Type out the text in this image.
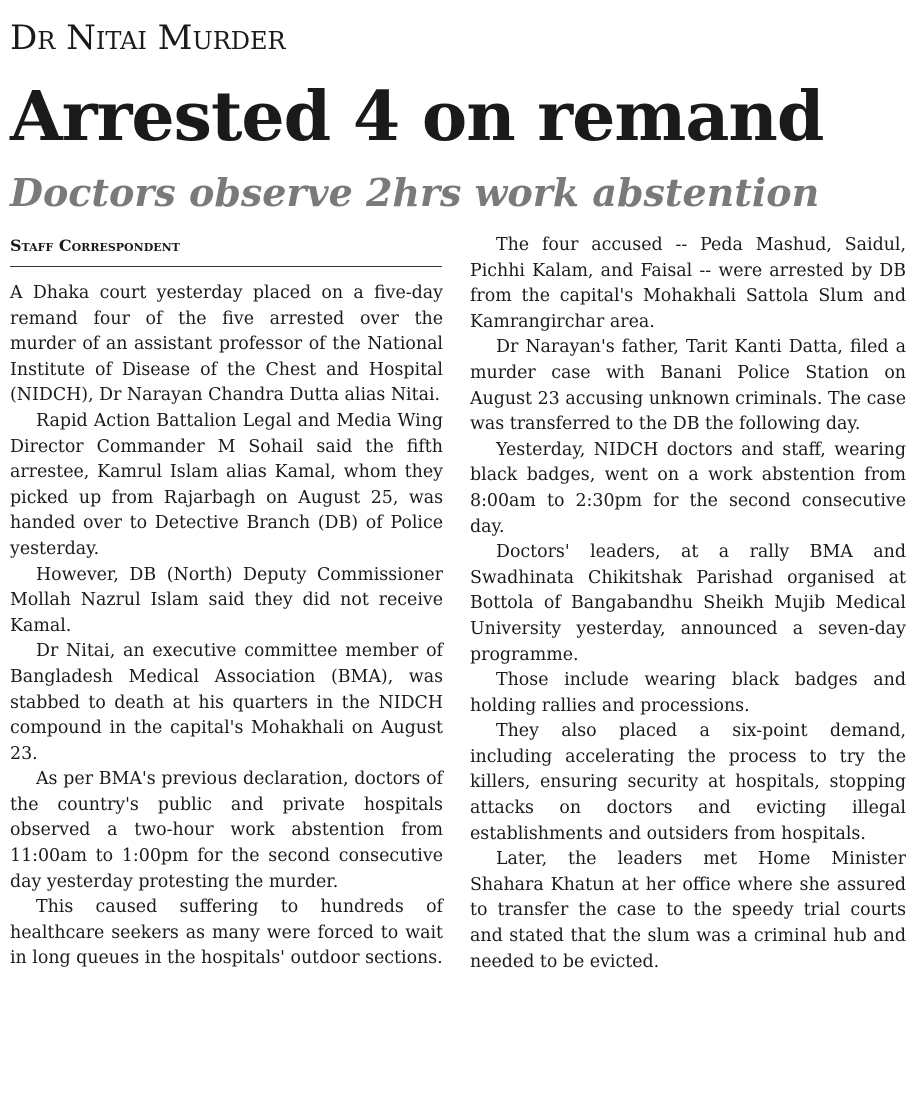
Dr Nitai Murder
Arrested 4 on remand
Doctors observe 2hrs work abstention
Staff Correspondent

A Dhaka court yesterday placed on a five-day remand four of the five arrested over the murder of an assistant professor of the National Institute of Disease of the Chest and Hospital (NIDCH), Dr Narayan Chandra Dutta alias Nitai.

Rapid Action Battalion Legal and Media Wing Director Commander M Sohail said the fifth arrestee, Kamrul Islam alias Kamal, whom they picked up from Rajarbagh on August 25, was handed over to Detective Branch (DB) of Police yesterday.

However, DB (North) Deputy Commissioner Mollah Nazrul Islam said they did not receive Kamal.

Dr Nitai, an executive committee member of Bangladesh Medical Association (BMA), was stabbed to death at his quarters in the NIDCH compound in the capital's Mohakhali on August 23.

As per BMA's previous declaration, doctors of the country's public and private hospitals observed a two-hour work abstention from 11:00am to 1:00pm for the second consecutive day yesterday protesting the murder.

This caused suffering to hundreds of healthcare seekers as many were forced to wait in long queues in the hospitals' outdoor sections.

The four accused -- Peda Mashud, Saidul, Pichhi Kalam, and Faisal -- were arrested by DB from the capital's Mohakhali Sattola Slum and Kamrangirchar area.

Dr Narayan's father, Tarit Kanti Datta, filed a murder case with Banani Police Station on August 23 accusing unknown criminals. The case was transferred to the DB the following day.

Yesterday, NIDCH doctors and staff, wearing black badges, went on a work abstention from 8:00am to 2:30pm for the second consecutive day.

Doctors' leaders, at a rally BMA and Swadhinata Chikitshak Parishad organised at Bottola of Bangabandhu Sheikh Mujib Medical University yesterday, announced a seven-day programme.

Those include wearing black badges and holding rallies and processions.

They also placed a six-point demand, including accelerating the process to try the killers, ensuring security at hospitals, stopping attacks on doctors and evicting illegal establishments and outsiders from hospitals.

Later, the leaders met Home Minister Shahara Khatun at her office where she assured to transfer the case to the speedy trial courts and stated that the slum was a criminal hub and needed to be evicted.
